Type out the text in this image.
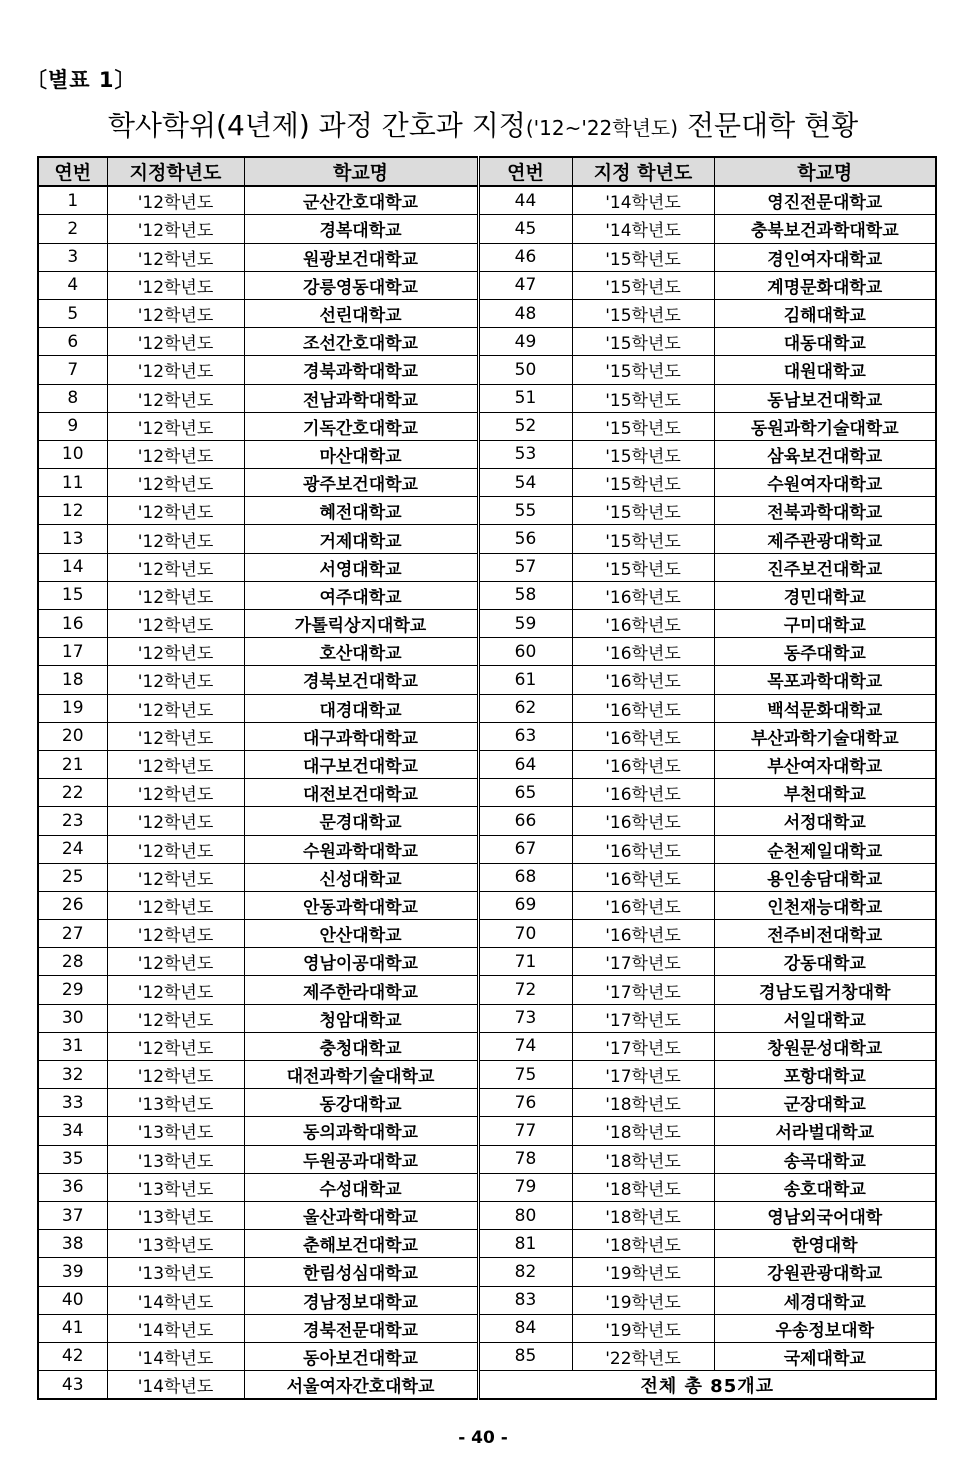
〔별표 1〕
학사학위(4년제) 과정 간호과 지정('12~'22학년도) 전문대학 현황
연번	지정학년도	학교명	연번	지정 학년도	학교명
1	'12학년도	군산간호대학교	44	'14학년도	영진전문대학교
2	'12학년도	경복대학교	45	'14학년도	충북보건과학대학교
3	'12학년도	원광보건대학교	46	'15학년도	경인여자대학교
4	'12학년도	강릉영동대학교	47	'15학년도	계명문화대학교
5	'12학년도	선린대학교	48	'15학년도	김해대학교
6	'12학년도	조선간호대학교	49	'15학년도	대동대학교
7	'12학년도	경북과학대학교	50	'15학년도	대원대학교
8	'12학년도	전남과학대학교	51	'15학년도	동남보건대학교
9	'12학년도	기독간호대학교	52	'15학년도	동원과학기술대학교
10	'12학년도	마산대학교	53	'15학년도	삼육보건대학교
11	'12학년도	광주보건대학교	54	'15학년도	수원여자대학교
12	'12학년도	혜전대학교	55	'15학년도	전북과학대학교
13	'12학년도	거제대학교	56	'15학년도	제주관광대학교
14	'12학년도	서영대학교	57	'15학년도	진주보건대학교
15	'12학년도	여주대학교	58	'16학년도	경민대학교
16	'12학년도	가톨릭상지대학교	59	'16학년도	구미대학교
17	'12학년도	호산대학교	60	'16학년도	동주대학교
18	'12학년도	경북보건대학교	61	'16학년도	목포과학대학교
19	'12학년도	대경대학교	62	'16학년도	백석문화대학교
20	'12학년도	대구과학대학교	63	'16학년도	부산과학기술대학교
21	'12학년도	대구보건대학교	64	'16학년도	부산여자대학교
22	'12학년도	대전보건대학교	65	'16학년도	부천대학교
23	'12학년도	문경대학교	66	'16학년도	서정대학교
24	'12학년도	수원과학대학교	67	'16학년도	순천제일대학교
25	'12학년도	신성대학교	68	'16학년도	용인송담대학교
26	'12학년도	안동과학대학교	69	'16학년도	인천재능대학교
27	'12학년도	안산대학교	70	'16학년도	전주비전대학교
28	'12학년도	영남이공대학교	71	'17학년도	강동대학교
29	'12학년도	제주한라대학교	72	'17학년도	경남도립거창대학
30	'12학년도	청암대학교	73	'17학년도	서일대학교
31	'12학년도	충청대학교	74	'17학년도	창원문성대학교
32	'12학년도	대전과학기술대학교	75	'17학년도	포항대학교
33	'13학년도	동강대학교	76	'18학년도	군장대학교
34	'13학년도	동의과학대학교	77	'18학년도	서라벌대학교
35	'13학년도	두원공과대학교	78	'18학년도	송곡대학교
36	'13학년도	수성대학교	79	'18학년도	송호대학교
37	'13학년도	울산과학대학교	80	'18학년도	영남외국어대학
38	'13학년도	춘해보건대학교	81	'18학년도	한영대학
39	'13학년도	한림성심대학교	82	'19학년도	강원관광대학교
40	'14학년도	경남정보대학교	83	'19학년도	세경대학교
41	'14학년도	경북전문대학교	84	'19학년도	우송정보대학
42	'14학년도	동아보건대학교	85	'22학년도	국제대학교
43	'14학년도	서울여자간호대학교	전체 총 85개교		
- 40 -
